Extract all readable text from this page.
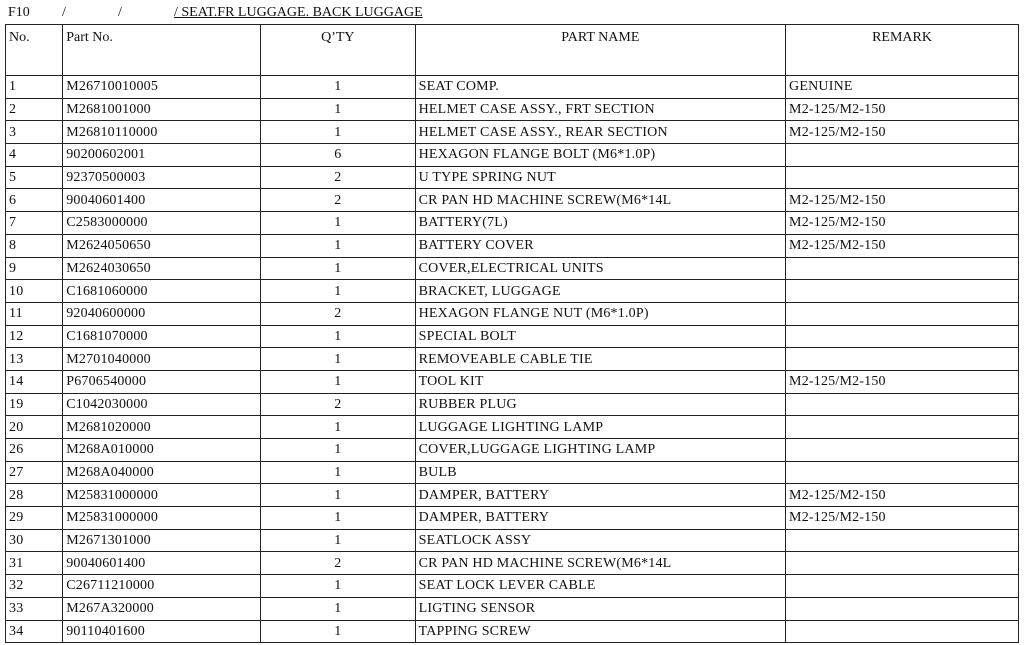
F10 /	/	/ SEAT.FR LUGGAGE. BACK LUGGAGE
No.	Part No.	Q’TY	PART NAME	REMARK
1	M26710010005	1	SEAT COMP.	GENUINE
2	M2681001000	1	HELMET CASE ASSY., FRT SECTION	M2-125/M2-150
3	M26810110000	1	HELMET CASE ASSY., REAR SECTION	M2-125/M2-150
4	90200602001	6	HEXAGON FLANGE BOLT (M6*1.0P)	
5	92370500003	2	U TYPE SPRING NUT	
6	90040601400	2	CR PAN HD MACHINE SCREW(M6*14L	M2-125/M2-150
7	C2583000000	1	BATTERY(7L)	M2-125/M2-150
8	M2624050650	1	BATTERY COVER	M2-125/M2-150
9	M2624030650	1	COVER,ELECTRICAL UNITS	
10	C1681060000	1	BRACKET, LUGGAGE	
11	92040600000	2	HEXAGON FLANGE NUT (M6*1.0P)	
12	C1681070000	1	SPECIAL BOLT	
13	M2701040000	1	REMOVEABLE CABLE TIE	
14	P6706540000	1	TOOL KIT	M2-125/M2-150
19	C1042030000	2	RUBBER PLUG	
20	M2681020000	1	LUGGAGE LIGHTING LAMP	
26	M268A010000	1	COVER,LUGGAGE LIGHTING LAMP	
27	M268A040000	1	BULB	
28	M25831000000	1	DAMPER, BATTERY	M2-125/M2-150
29	M25831000000	1	DAMPER, BATTERY	M2-125/M2-150
30	M2671301000	1	SEATLOCK ASSY	
31	90040601400	2	CR PAN HD MACHINE SCREW(M6*14L	
32	C26711210000	1	SEAT LOCK LEVER CABLE	
33	M267A320000	1	LIGTING SENSOR	
34	90110401600	1	TAPPING SCREW	
